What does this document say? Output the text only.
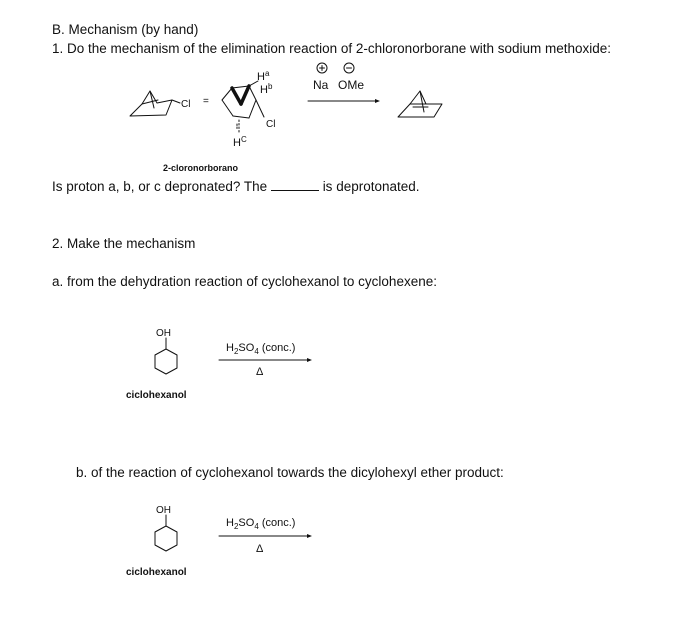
B. Mechanism (by hand)
1. Do the mechanism of the elimination reaction of 2-chloronorborane with sodium methoxide:
2-cloronorborano
Is proton a, b, or c depronated? The	is deprotonated.
2. Make the mechanism
a. from the dehydration reaction of cyclohexanol to cyclohexene:
b. of the reaction of cyclohexanol towards the dicylohexyl ether product:
ciclohexanol
ciclohexanol
$H_2SO_4$ (conc.)
Δ
$H_2SO_4$ (conc.)
Δ
Cl =
$H^a$
$H^b$
Cl
$H^C$
Na OMe
OH
OH
